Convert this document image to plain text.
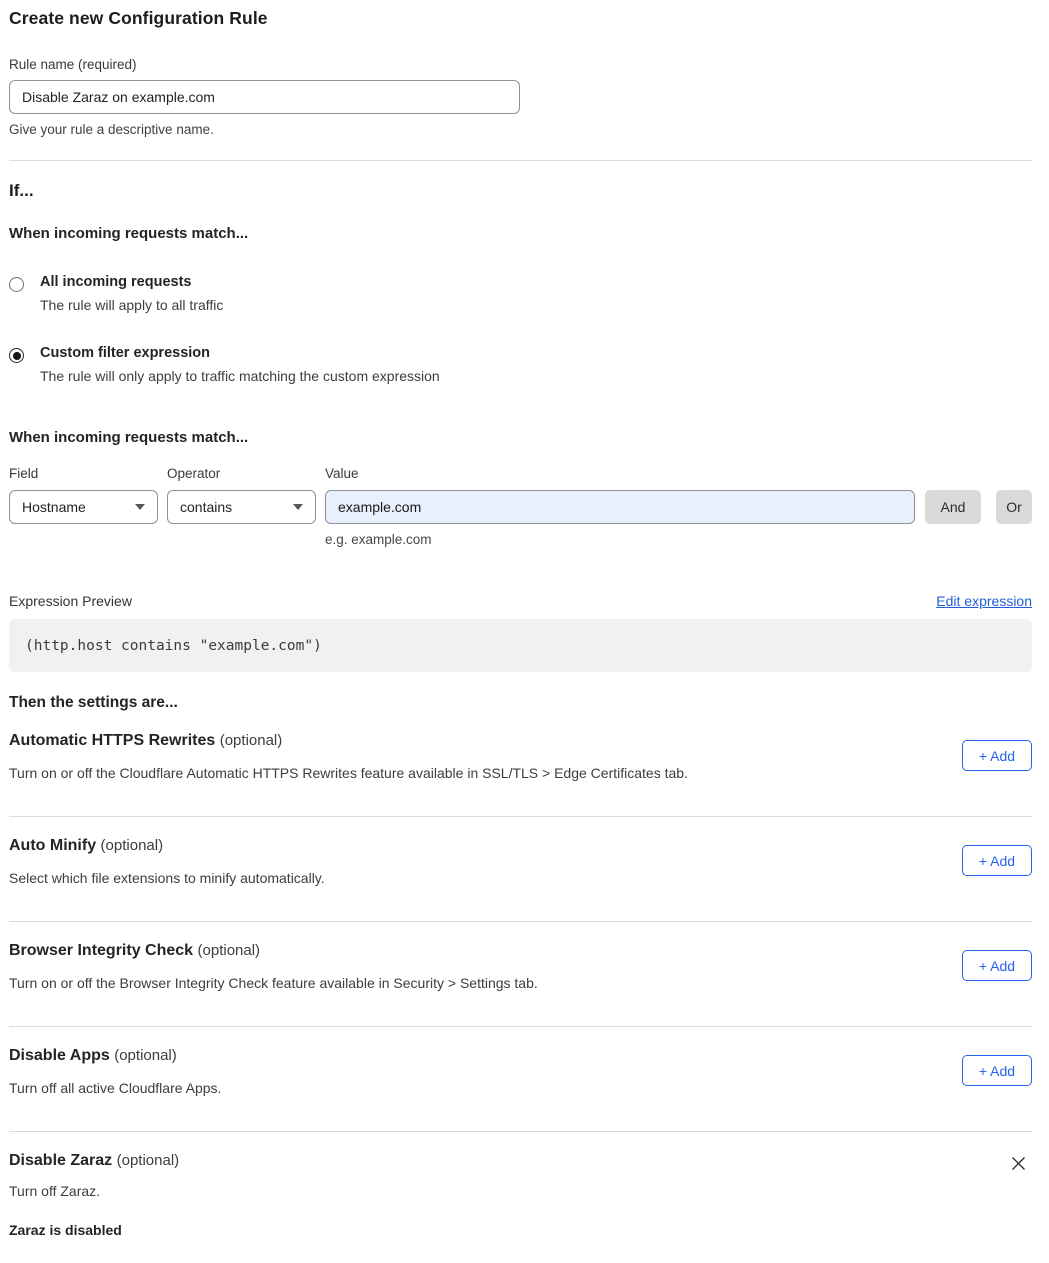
Create new Configuration Rule
Rule name (required)
Disable Zaraz on example.com
Give your rule a descriptive name.
If...
When incoming requests match...
All incoming requests
The rule will apply to all traffic
Custom filter expression
The rule will only apply to traffic matching the custom expression
When incoming requests match...
Field
Hostname
Operator
contains
Value
example.com
And	Or
e.g. example.com
Expression Preview	Edit expression
(http.host contains "example.com")
Then the settings are...
Automatic HTTPS Rewrites (optional)
Turn on or off the Cloudflare Automatic HTTPS Rewrites feature available in SSL/TLS > Edge Certificates tab.
+ Add
Auto Minify (optional)
Select which file extensions to minify automatically.
+ Add
Browser Integrity Check (optional)
Turn on or off the Browser Integrity Check feature available in Security > Settings tab.
+ Add
Disable Apps (optional)
Turn off all active Cloudflare Apps.
+ Add
Disable Zaraz (optional)
Turn off Zaraz.
Zaraz is disabled
